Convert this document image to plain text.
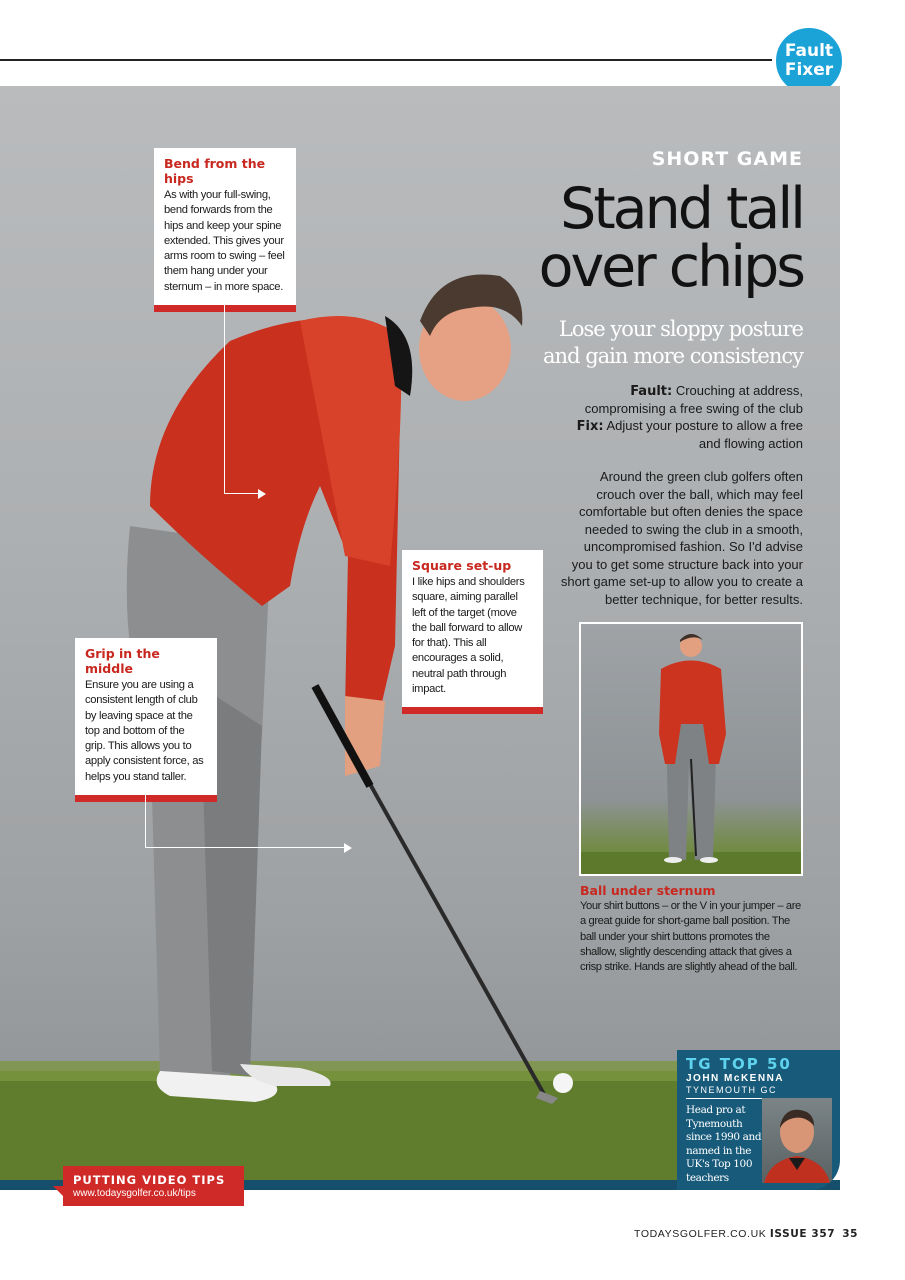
Fault
Fixer
SHORT GAME
Stand tall
over chips
Lose your sloppy posture
and gain more consistency
Fault: Crouching at address, compromising a free swing of the club
Fix: Adjust your posture to allow a free and flowing action
Around the green club golfers often crouch over the ball, which may feel comfortable but often denies the space needed to swing the club in a smooth, uncompromised fashion. So I'd advise you to get some structure back into your short game set-up to allow you to create a better technique, for better results.
Bend from the hips
As with your full-swing, bend forwards from the hips and keep your spine extended. This gives your arms room to swing – feel them hang under your sternum – in more space.
Square set-up
I like hips and shoulders square, aiming parallel left of the target (move the ball forward to allow for that). This all encourages a solid, neutral path through impact.
Grip in the middle
Ensure you are using a consistent length of club by leaving space at the top and bottom of the grip. This allows you to apply consistent force, as helps you stand taller.
Ball under sternum
Your shirt buttons – or the V in your jumper – are a great guide for short-game ball position. The ball under your shirt buttons promotes the shallow, slightly descending attack that gives a crisp strike. Hands are slightly ahead of the ball.
TG TOP 50
JOHN McKENNA
TYNEMOUTH GC
Head pro at Tynemouth since 1990 and named in the UK's Top 100 teachers
PUTTING VIDEO TIPS
www.todaysgolfer.co.uk/tips
TODAYSGOLFER.CO.UK ISSUE 357 35
